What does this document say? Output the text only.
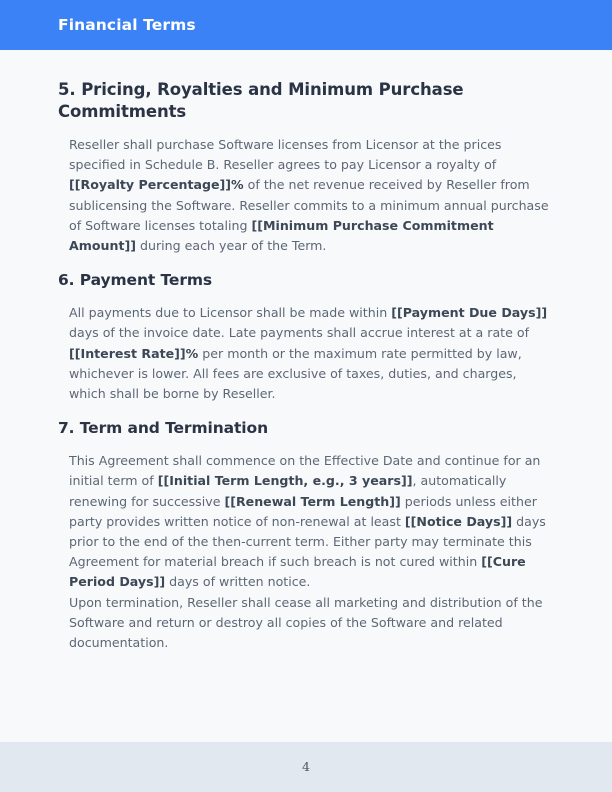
Financial Terms
5. Pricing, Royalties and Minimum Purchase Commitments

Reseller shall purchase Software licenses from Licensor at the prices specified in Schedule B. Reseller agrees to pay Licensor a royalty of [[Royalty Percentage]]% of the net revenue received by Reseller from sublicensing the Software. Reseller commits to a minimum annual purchase of Software licenses totaling [[Minimum Purchase Commitment Amount]] during each year of the Term.

6. Payment Terms

All payments due to Licensor shall be made within [[Payment Due Days]] days of the invoice date. Late payments shall accrue interest at a rate of [[Interest Rate]]% per month or the maximum rate permitted by law, whichever is lower. All fees are exclusive of taxes, duties, and charges, which shall be borne by Reseller.

7. Term and Termination

This Agreement shall commence on the Effective Date and continue for an initial term of [[Initial Term Length, e.g., 3 years]], automatically renewing for successive [[Renewal Term Length]] periods unless either party provides written notice of non-renewal at least [[Notice Days]] days prior to the end of the then-current term. Either party may terminate this Agreement for material breach if such breach is not cured within [[Cure Period Days]] days of written notice.

Upon termination, Reseller shall cease all marketing and distribution of the Software and return or destroy all copies of the Software and related documentation.

4
